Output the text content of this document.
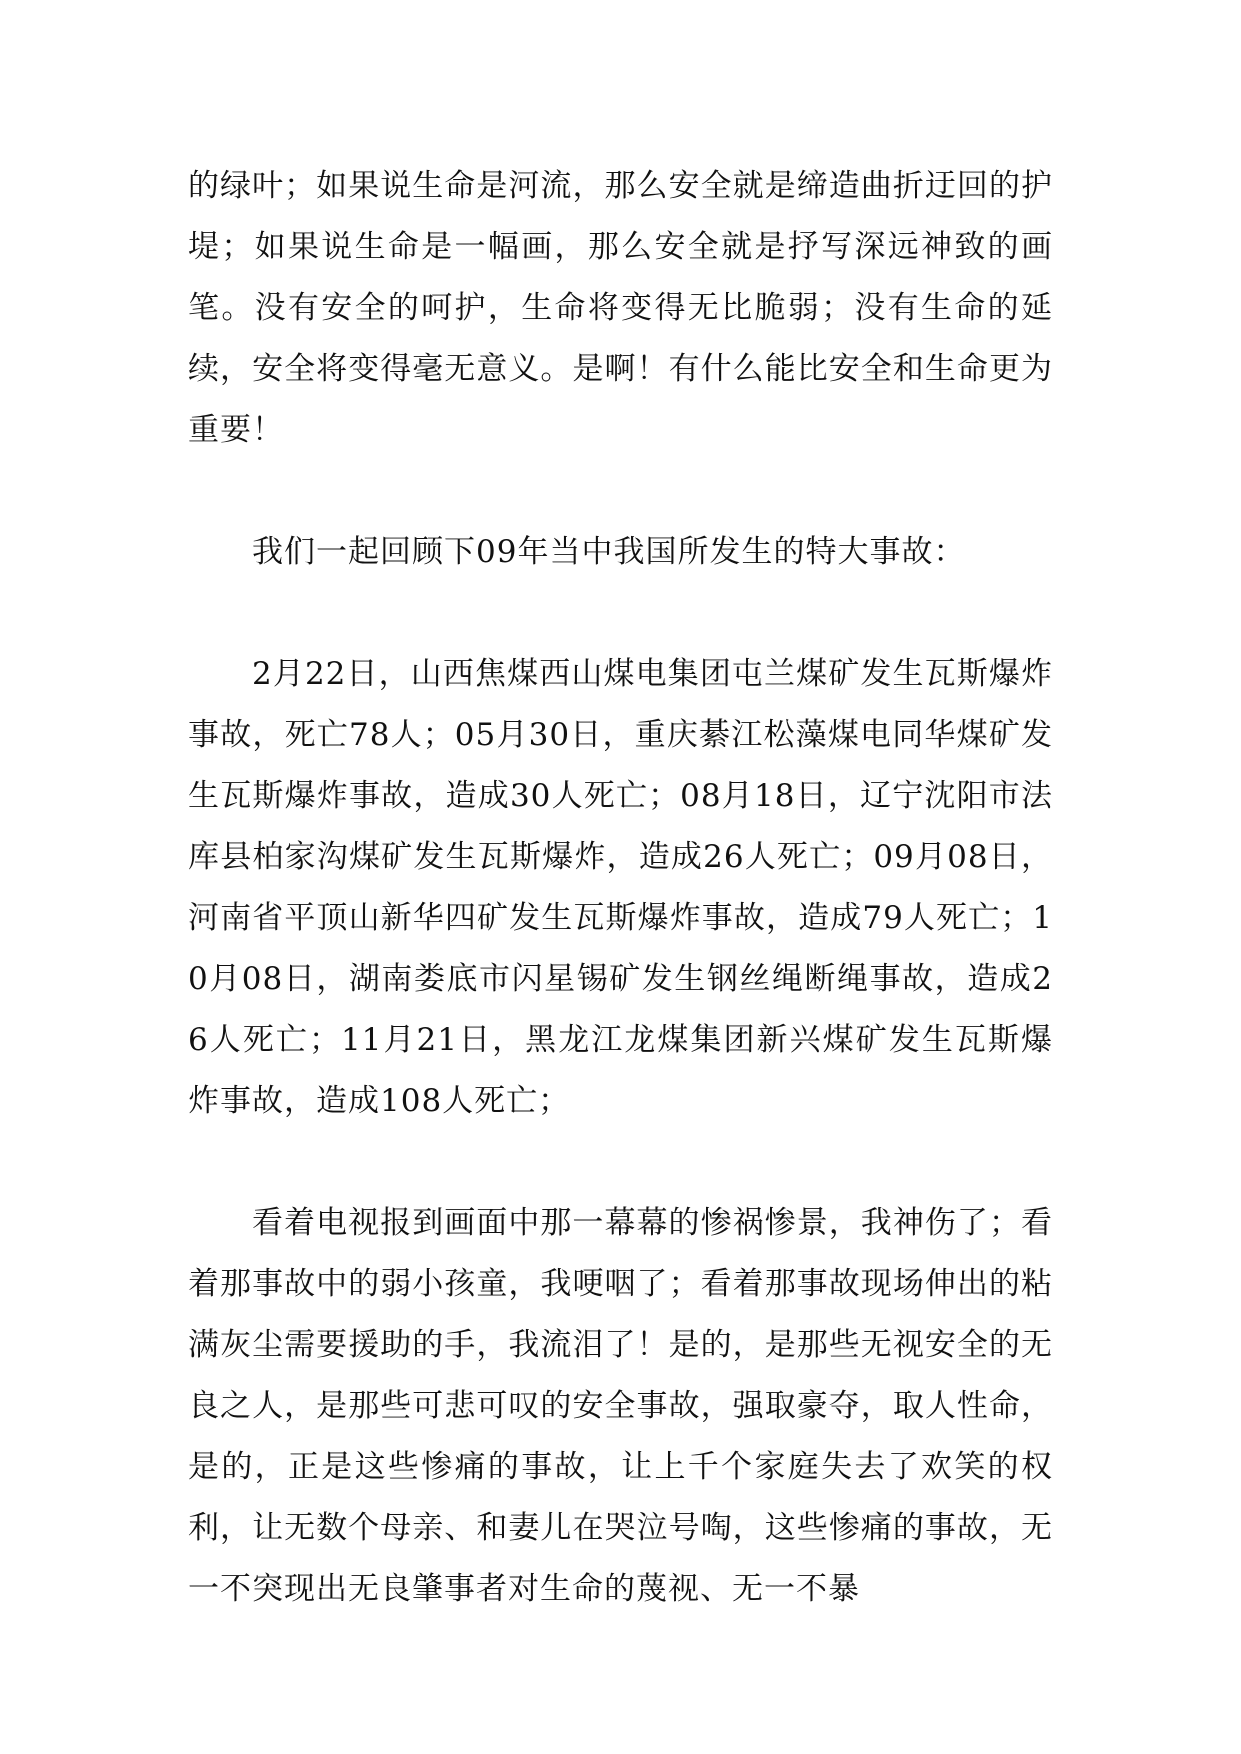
的绿叶；如果说生命是河流，那么安全就是缔造曲折迂回的护堤；如果说生命是一幅画，那么安全就是抒写深远神致的画笔。没有安全的呵护，生命将变得无比脆弱；没有生命的延续，安全将变得毫无意义。是啊！有什么能比安全和生命更为重要！

我们一起回顾下09年当中我国所发生的特大事故：

2月22日，山西焦煤西山煤电集团屯兰煤矿发生瓦斯爆炸事故，死亡78人；05月30日，重庆綦江松藻煤电同华煤矿发生瓦斯爆炸事故，造成30人死亡；08月18日，辽宁沈阳市法库县柏家沟煤矿发生瓦斯爆炸，造成26人死亡；09月08日，河南省平顶山新华四矿发生瓦斯爆炸事故，造成79人死亡；10月08日，湖南娄底市闪星锡矿发生钢丝绳断绳事故，造成26人死亡；11月21日，黑龙江龙煤集团新兴煤矿发生瓦斯爆炸事故，造成108人死亡；

看着电视报到画面中那一幕幕的惨祸惨景，我神伤了；看着那事故中的弱小孩童，我哽咽了；看着那事故现场伸出的粘满灰尘需要援助的手，我流泪了！是的，是那些无视安全的无良之人，是那些可悲可叹的安全事故，强取豪夺，取人性命，是的，正是这些惨痛的事故，让上千个家庭失去了欢笑的权利，让无数个母亲、和妻儿在哭泣号啕，这些惨痛的事故，无一不突现出无良肇事者对生命的蔑视、无一不暴
